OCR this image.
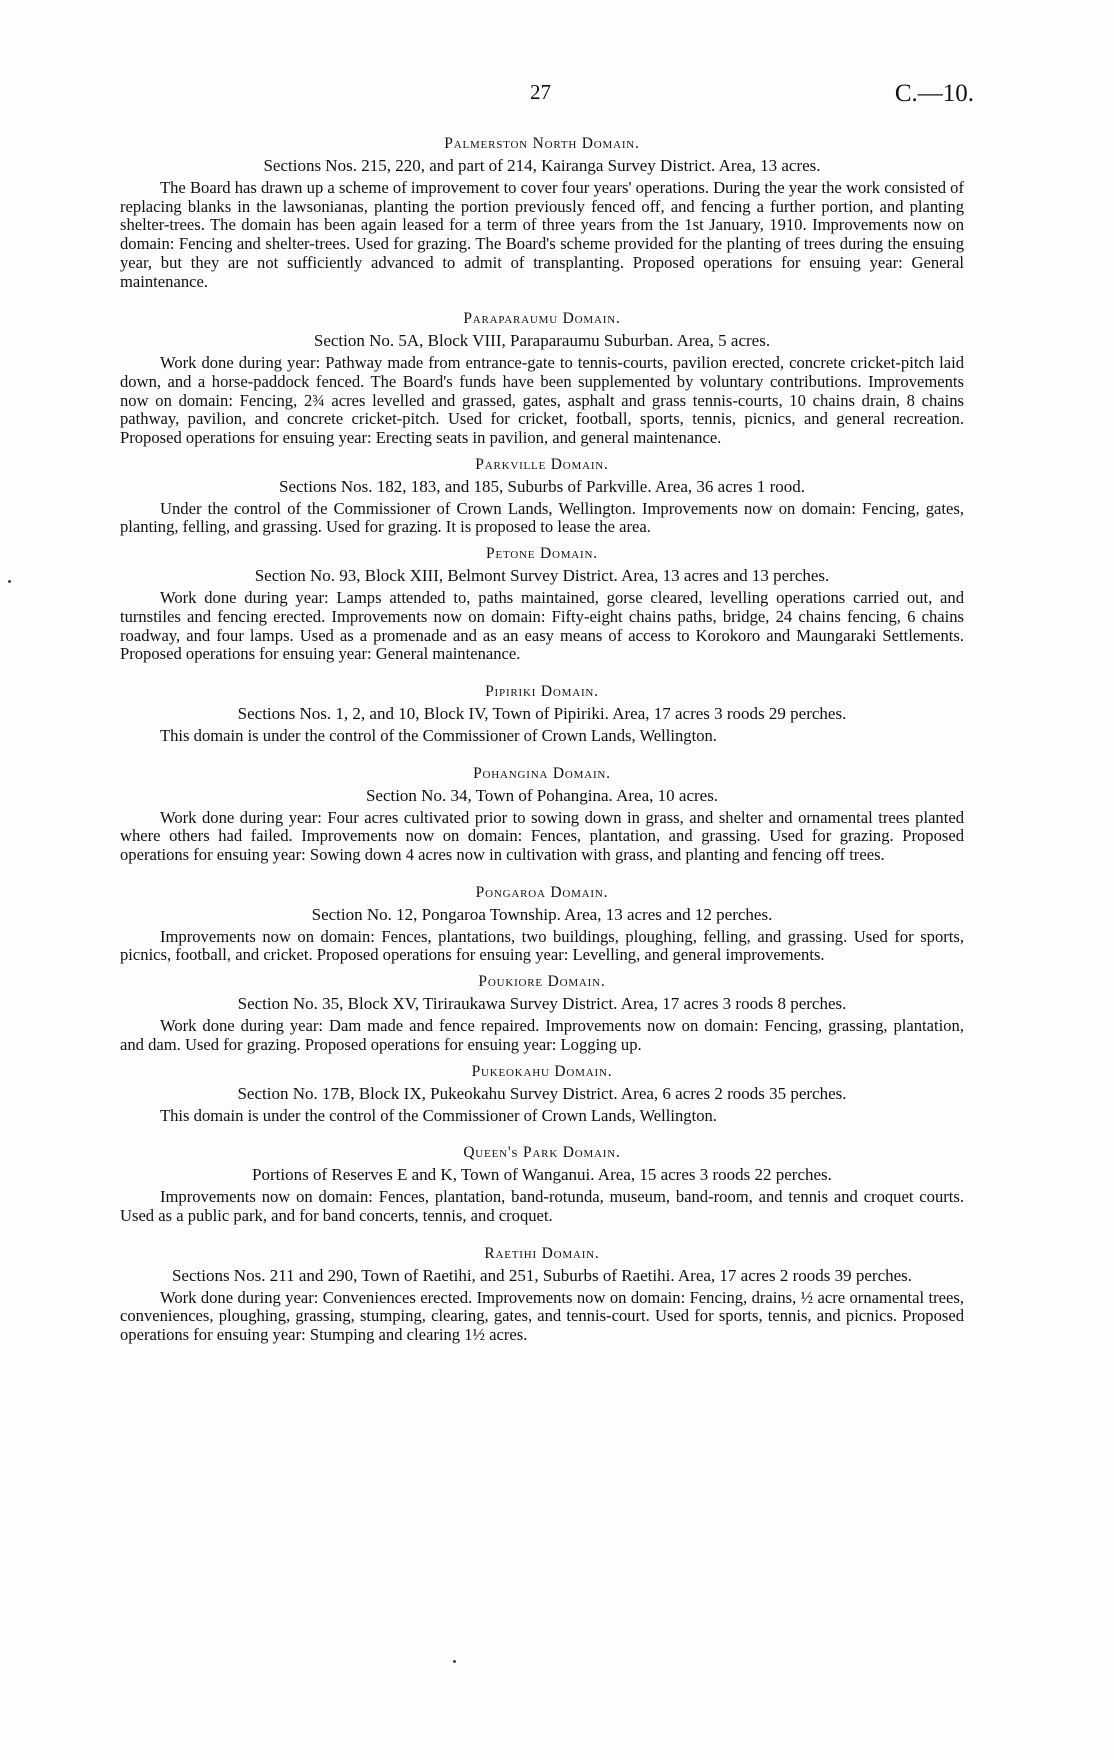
27	C.—10.
Palmerston North Domain.

Sections Nos. 215, 220, and part of 214, Kairanga Survey District. Area, 13 acres.

The Board has drawn up a scheme of improvement to cover four years' operations. During the year the work consisted of replacing blanks in the lawsonianas, planting the portion previously fenced off, and fencing a further portion, and planting shelter-trees. The domain has been again leased for a term of three years from the 1st January, 1910. Improvements now on domain: Fencing and shelter-trees. Used for grazing. The Board's scheme provided for the planting of trees during the ensuing year, but they are not sufficiently advanced to admit of transplanting. Proposed operations for ensuing year: General maintenance.

Paraparaumu Domain.

Section No. 5A, Block VIII, Paraparaumu Suburban. Area, 5 acres.

Work done during year: Pathway made from entrance-gate to tennis-courts, pavilion erected, concrete cricket-pitch laid down, and a horse-paddock fenced. The Board's funds have been supplemented by voluntary contributions. Improvements now on domain: Fencing, 2¾ acres levelled and grassed, gates, asphalt and grass tennis-courts, 10 chains drain, 8 chains pathway, pavilion, and concrete cricket-pitch. Used for cricket, football, sports, tennis, picnics, and general recreation. Proposed operations for ensuing year: Erecting seats in pavilion, and general maintenance.

Parkville Domain.

Sections Nos. 182, 183, and 185, Suburbs of Parkville. Area, 36 acres 1 rood.

Under the control of the Commissioner of Crown Lands, Wellington. Improvements now on domain: Fencing, gates, planting, felling, and grassing. Used for grazing. It is proposed to lease the area.

Petone Domain.

Section No. 93, Block XIII, Belmont Survey District. Area, 13 acres and 13 perches.

Work done during year: Lamps attended to, paths maintained, gorse cleared, levelling operations carried out, and turnstiles and fencing erected. Improvements now on domain: Fifty-eight chains paths, bridge, 24 chains fencing, 6 chains roadway, and four lamps. Used as a promenade and as an easy means of access to Korokoro and Maungaraki Settlements. Proposed operations for ensuing year: General maintenance.

Pipiriki Domain.

Sections Nos. 1, 2, and 10, Block IV, Town of Pipiriki. Area, 17 acres 3 roods 29 perches.

This domain is under the control of the Commissioner of Crown Lands, Wellington.

Pohangina Domain.

Section No. 34, Town of Pohangina. Area, 10 acres.

Work done during year: Four acres cultivated prior to sowing down in grass, and shelter and ornamental trees planted where others had failed. Improvements now on domain: Fences, plantation, and grassing. Used for grazing. Proposed operations for ensuing year: Sowing down 4 acres now in cultivation with grass, and planting and fencing off trees.

Pongaroa Domain.

Section No. 12, Pongaroa Township. Area, 13 acres and 12 perches.

Improvements now on domain: Fences, plantations, two buildings, ploughing, felling, and grassing. Used for sports, picnics, football, and cricket. Proposed operations for ensuing year: Levelling, and general improvements.

Poukiore Domain.

Section No. 35, Block XV, Tiriraukawa Survey District. Area, 17 acres 3 roods 8 perches.

Work done during year: Dam made and fence repaired. Improvements now on domain: Fencing, grassing, plantation, and dam. Used for grazing. Proposed operations for ensuing year: Logging up.

Pukeokahu Domain.

Section No. 17B, Block IX, Pukeokahu Survey District. Area, 6 acres 2 roods 35 perches.

This domain is under the control of the Commissioner of Crown Lands, Wellington.

Queen's Park Domain.

Portions of Reserves E and K, Town of Wanganui. Area, 15 acres 3 roods 22 perches.

Improvements now on domain: Fences, plantation, band-rotunda, museum, band-room, and tennis and croquet courts. Used as a public park, and for band concerts, tennis, and croquet.

Raetihi Domain.

Sections Nos. 211 and 290, Town of Raetihi, and 251, Suburbs of Raetihi. Area, 17 acres 2 roods 39 perches.

Work done during year: Conveniences erected. Improvements now on domain: Fencing, drains, ½ acre ornamental trees, conveniences, ploughing, grassing, stumping, clearing, gates, and tennis-court. Used for sports, tennis, and picnics. Proposed operations for ensuing year: Stumping and clearing 1½ acres.
